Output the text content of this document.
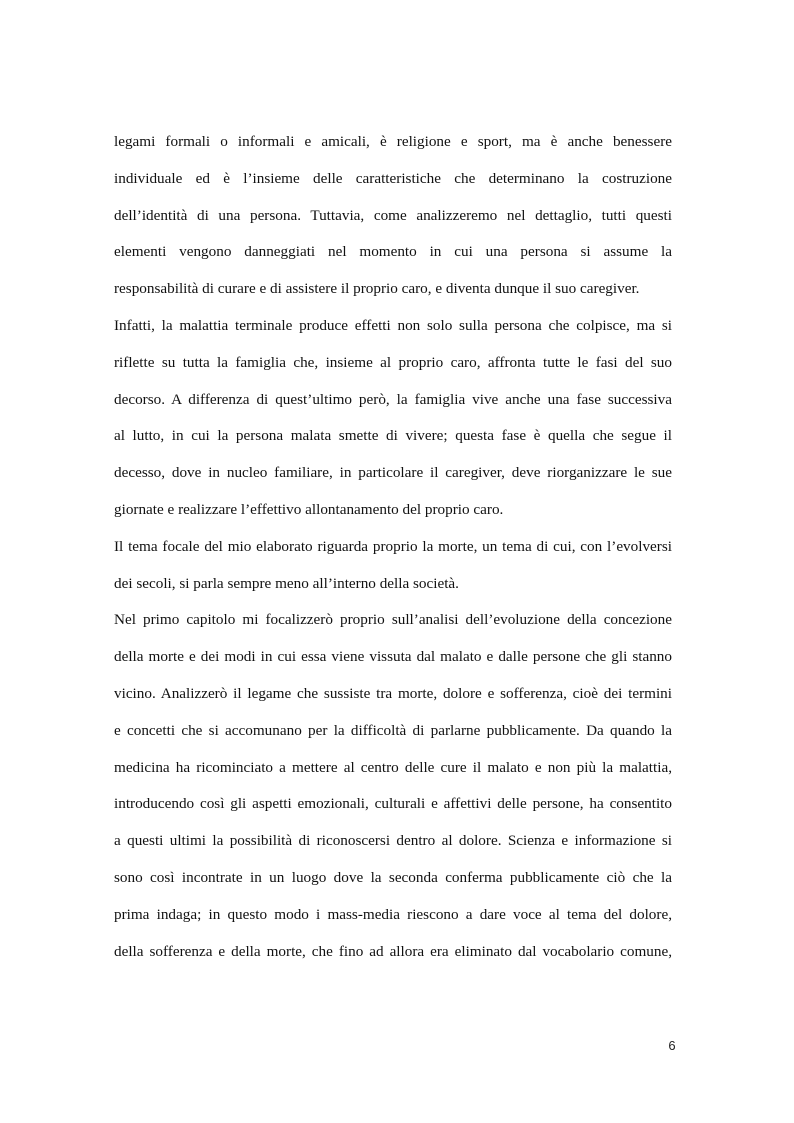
legami formali o informali e amicali, è religione e sport, ma è anche benessere
individuale ed è l’insieme delle caratteristiche che determinano la costruzione
dell’identità di una persona. Tuttavia, come analizzeremo nel dettaglio, tutti questi
elementi vengono danneggiati nel momento in cui una persona si assume la
responsabilità di curare e di assistere il proprio caro, e diventa dunque il suo caregiver.
Infatti, la malattia terminale produce effetti non solo sulla persona che colpisce, ma si
riflette su tutta la famiglia che, insieme al proprio caro, affronta tutte le fasi del suo
decorso. A differenza di quest’ultimo però, la famiglia vive anche una fase successiva
al lutto, in cui la persona malata smette di vivere; questa fase è quella che segue il
decesso, dove in nucleo familiare, in particolare il caregiver, deve riorganizzare le sue
giornate e realizzare l’effettivo allontanamento del proprio caro.
Il tema focale del mio elaborato riguarda proprio la morte, un tema di cui, con l’evolversi
dei secoli, si parla sempre meno all’interno della società.
Nel primo capitolo mi focalizzerò proprio sull’analisi dell’evoluzione della concezione
della morte e dei modi in cui essa viene vissuta dal malato e dalle persone che gli stanno
vicino. Analizzerò il legame che sussiste tra morte, dolore e sofferenza, cioè dei termini
e concetti che si accomunano per la difficoltà di parlarne pubblicamente. Da quando la
medicina ha ricominciato a mettere al centro delle cure il malato e non più la malattia,
introducendo così gli aspetti emozionali, culturali e affettivi delle persone, ha consentito
a questi ultimi la possibilità di riconoscersi dentro al dolore. Scienza e informazione si
sono così incontrate in un luogo dove la seconda conferma pubblicamente ciò che la
prima indaga; in questo modo i mass-media riescono a dare voce al tema del dolore,
della sofferenza e della morte, che fino ad allora era eliminato dal vocabolario comune,
6
